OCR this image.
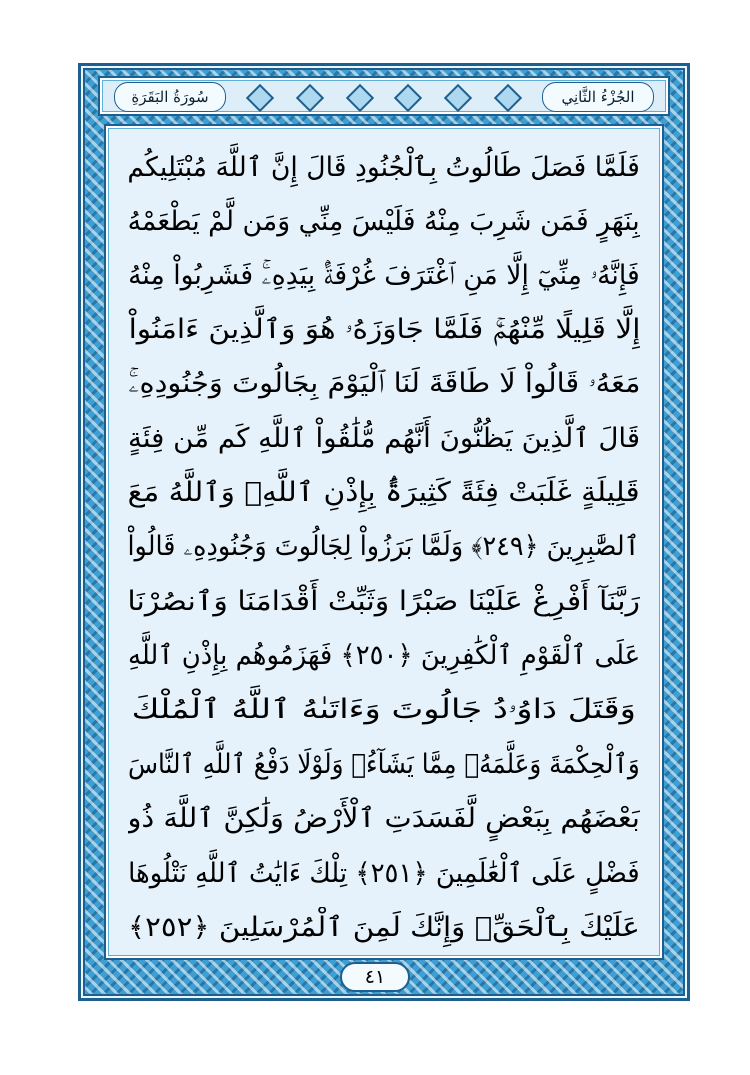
الجُزْءُ الثَّانِي
سُورَةُ البَقَرَةِ
فَلَمَّا فَصَلَ طَالُوتُ بِٱلْجُنُودِ قَالَ إِنَّ ٱللَّهَ مُبْتَلِيكُم
بِنَهَرٍ فَمَن شَرِبَ مِنْهُ فَلَيْسَ مِنِّي وَمَن لَّمْ يَطْعَمْهُ
فَإِنَّهُۥ مِنِّيٓ إِلَّا مَنِ ٱغْتَرَفَ غُرْفَةًۢ بِيَدِهِۦۚ فَشَرِبُواْ مِنْهُ
إِلَّا قَلِيلًا مِّنْهُمْۚ فَلَمَّا جَاوَزَهُۥ هُوَ وَٱلَّذِينَ ءَامَنُواْ
مَعَهُۥ قَالُواْ لَا طَاقَةَ لَنَا ٱلْيَوْمَ بِجَالُوتَ وَجُنُودِهِۦۚ
قَالَ ٱلَّذِينَ يَظُنُّونَ أَنَّهُم مُّلَٰقُواْ ٱللَّهِ كَم مِّن فِئَةٍ
قَلِيلَةٍ غَلَبَتْ فِئَةً كَثِيرَةًۢ بِإِذْنِ ٱللَّهِۗ وَٱللَّهُ مَعَ
ٱلصَّٰبِرِينَ ﴿٢٤٩﴾ وَلَمَّا بَرَزُواْ لِجَالُوتَ وَجُنُودِهِۦ قَالُواْ
رَبَّنَآ أَفْرِغْ عَلَيْنَا صَبْرًا وَثَبِّتْ أَقْدَامَنَا وَٱنصُرْنَا
عَلَى ٱلْقَوْمِ ٱلْكَٰفِرِينَ ﴿٢٥٠﴾ فَهَزَمُوهُم بِإِذْنِ ٱللَّهِ
وَقَتَلَ دَاوُۥدُ جَالُوتَ وَءَاتَىٰهُ ٱللَّهُ ٱلْمُلْكَ
وَٱلْحِكْمَةَ وَعَلَّمَهُۥ مِمَّا يَشَآءُۗ وَلَوْلَا دَفْعُ ٱللَّهِ ٱلنَّاسَ
بَعْضَهُم بِبَعْضٍ لَّفَسَدَتِ ٱلْأَرْضُ وَلَٰكِنَّ ٱللَّهَ ذُو
فَضْلٍ عَلَى ٱلْعَٰلَمِينَ ﴿٢٥١﴾ تِلْكَ ءَايَٰتُ ٱللَّهِ نَتْلُوهَا
عَلَيْكَ بِٱلْحَقِّۚ وَإِنَّكَ لَمِنَ ٱلْمُرْسَلِينَ ﴿٢٥٢﴾
٤١
